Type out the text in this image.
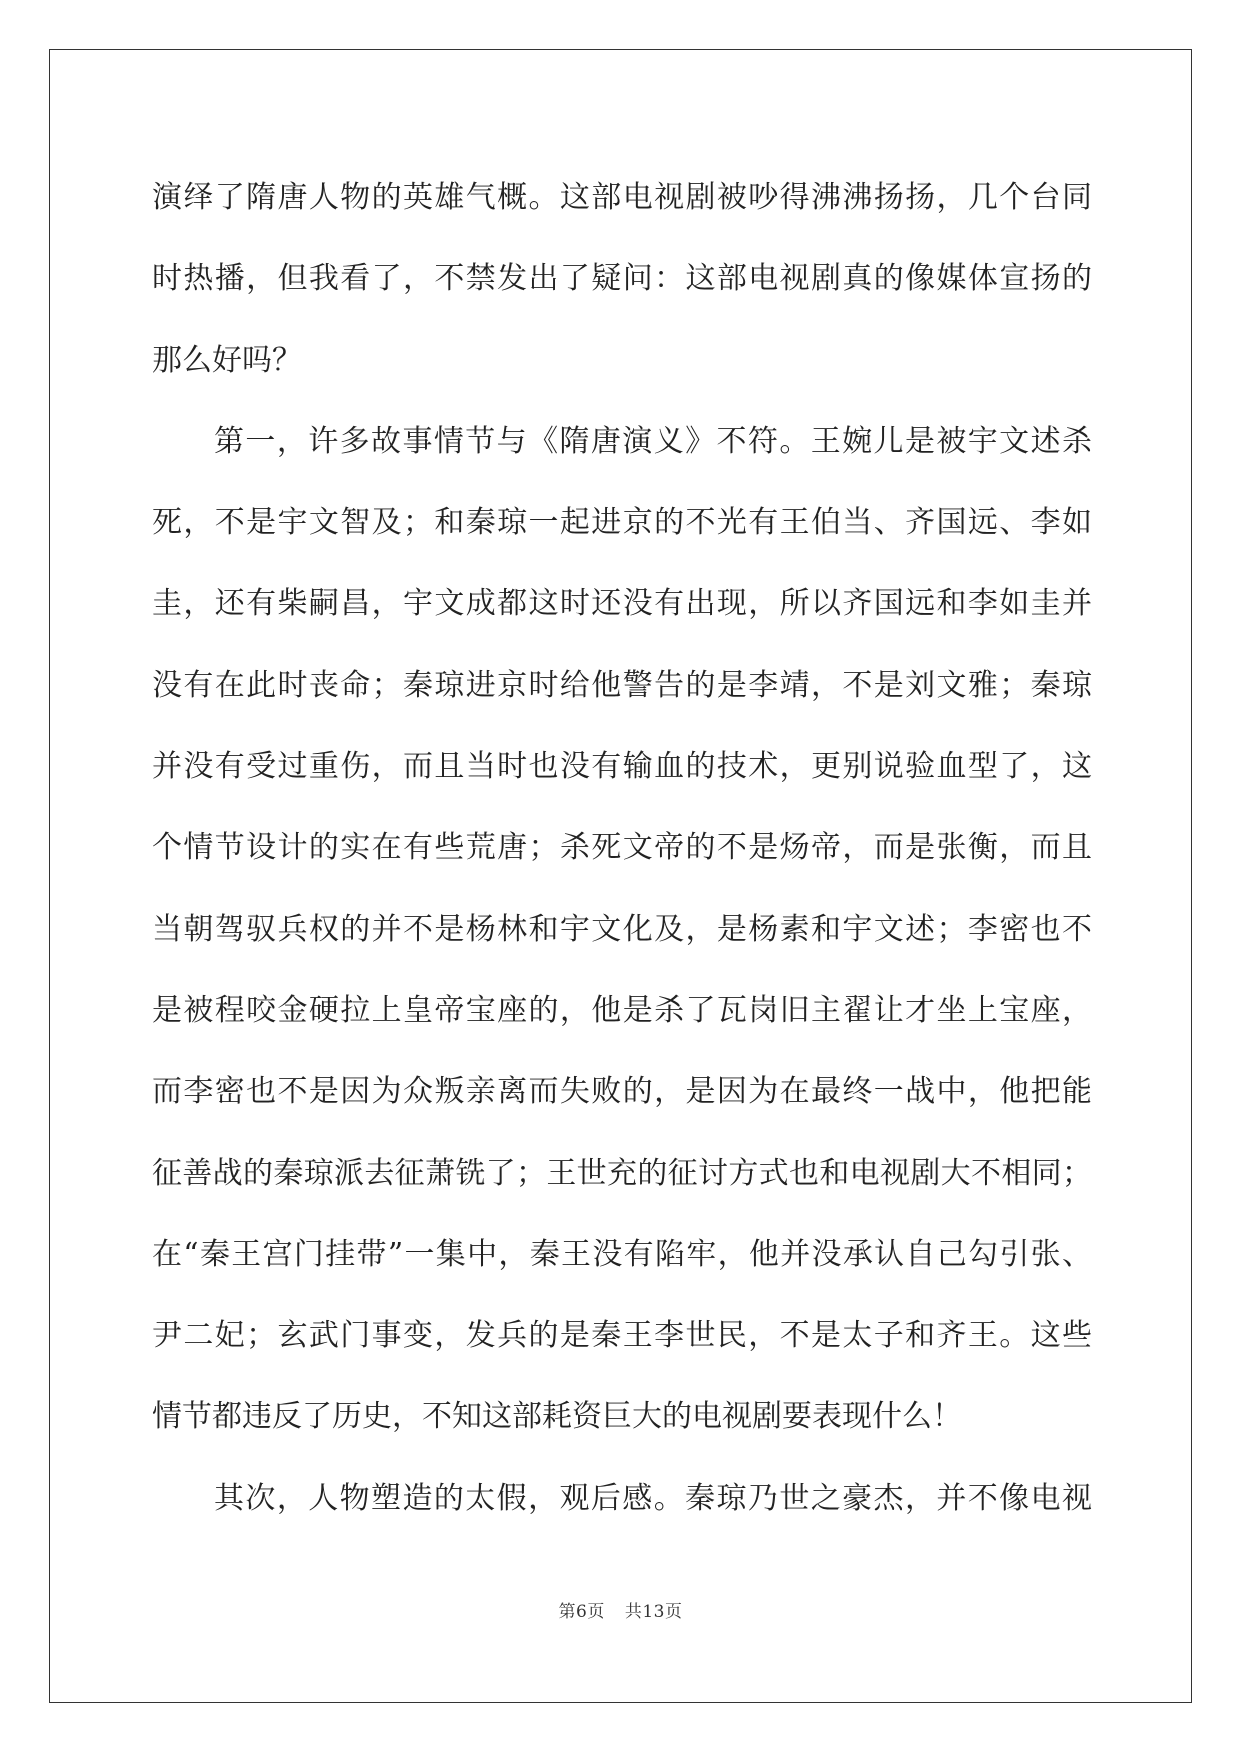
演绎了隋唐人物的英雄气概。这部电视剧被吵得沸沸扬扬，几个台同
时热播，但我看了，不禁发出了疑问：这部电视剧真的像媒体宣扬的
那么好吗？
第一，许多故事情节与《隋唐演义》不符。王婉儿是被宇文述杀
死，不是宇文智及；和秦琼一起进京的不光有王伯当、齐国远、李如
圭，还有柴嗣昌，宇文成都这时还没有出现，所以齐国远和李如圭并
没有在此时丧命；秦琼进京时给他警告的是李靖，不是刘文雅；秦琼
并没有受过重伤，而且当时也没有输血的技术，更别说验血型了，这
个情节设计的实在有些荒唐；杀死文帝的不是炀帝，而是张衡，而且
当朝驾驭兵权的并不是杨林和宇文化及，是杨素和宇文述；李密也不
是被程咬金硬拉上皇帝宝座的，他是杀了瓦岗旧主翟让才坐上宝座，
而李密也不是因为众叛亲离而失败的，是因为在最终一战中，他把能
征善战的秦琼派去征萧铣了；王世充的征讨方式也和电视剧大不相同；
在“秦王宫门挂带”一集中，秦王没有陷牢，他并没承认自己勾引张、
尹二妃；玄武门事变，发兵的是秦王李世民，不是太子和齐王。这些
情节都违反了历史，不知这部耗资巨大的电视剧要表现什么！
其次，人物塑造的太假，观后感。秦琼乃世之豪杰，并不像电视
第6页 共13页
